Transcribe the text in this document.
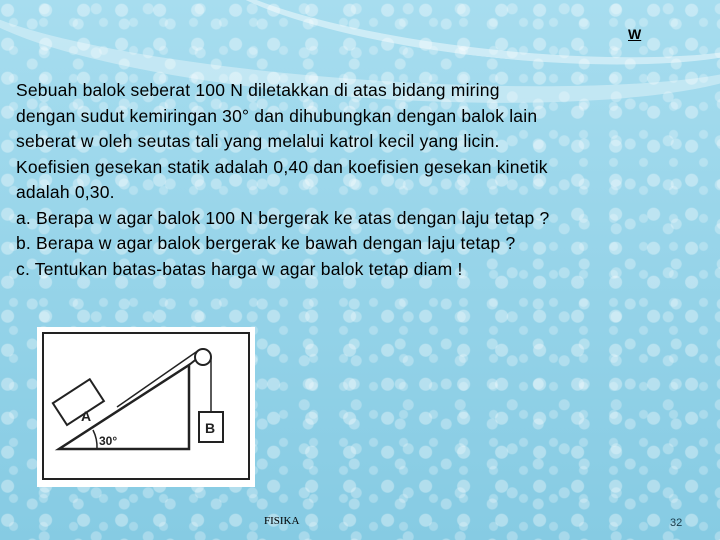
W
Sebuah balok seberat 100 N diletakkan di atas bidang miring
dengan sudut kemiringan 30° dan dihubungkan dengan balok lain
seberat w oleh seutas tali yang melalui katrol kecil yang licin.
Koefisien gesekan statik adalah 0,40 dan koefisien gesekan kinetik
adalah 0,30.
a. Berapa w agar balok 100 N bergerak ke atas dengan laju tetap ?
b. Berapa w agar balok bergerak ke bawah dengan laju tetap ?
c. Tentukan batas-batas harga w agar balok tetap diam !
A
B
30°
FISIKA	32
